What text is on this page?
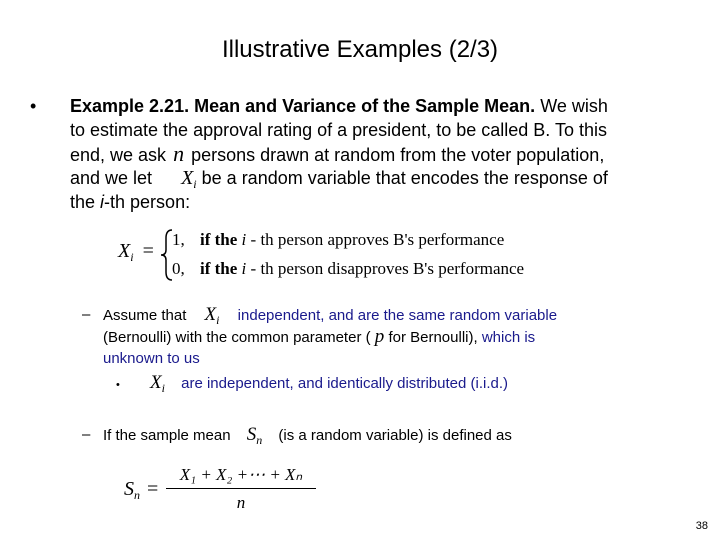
Illustrative Examples (2/3)
• Example 2.21. Mean and Variance of the Sample Mean. We wish
to estimate the approval rating of a president, to be called B. To this
end, we ask n persons drawn at random from the voter population,
and we let $X_i$ be a random variable that encodes the response of
the i-th person:
$X_i$ =
1, if the i - th person approves B's performance
0, if the i - th person disapproves B's performance
– Assume that $X_i$ independent, and are the same random variable
(Bernoulli) with the common parameter ( p for Bernoulli), which is
unknown to us
• $X_i$ are independent, and identically distributed (i.i.d.)
– If the sample mean $S_n$ (is a random variable) is defined as
$S_n$ =
X₁ + X₂ +⋯ + Xₙ
n
38
